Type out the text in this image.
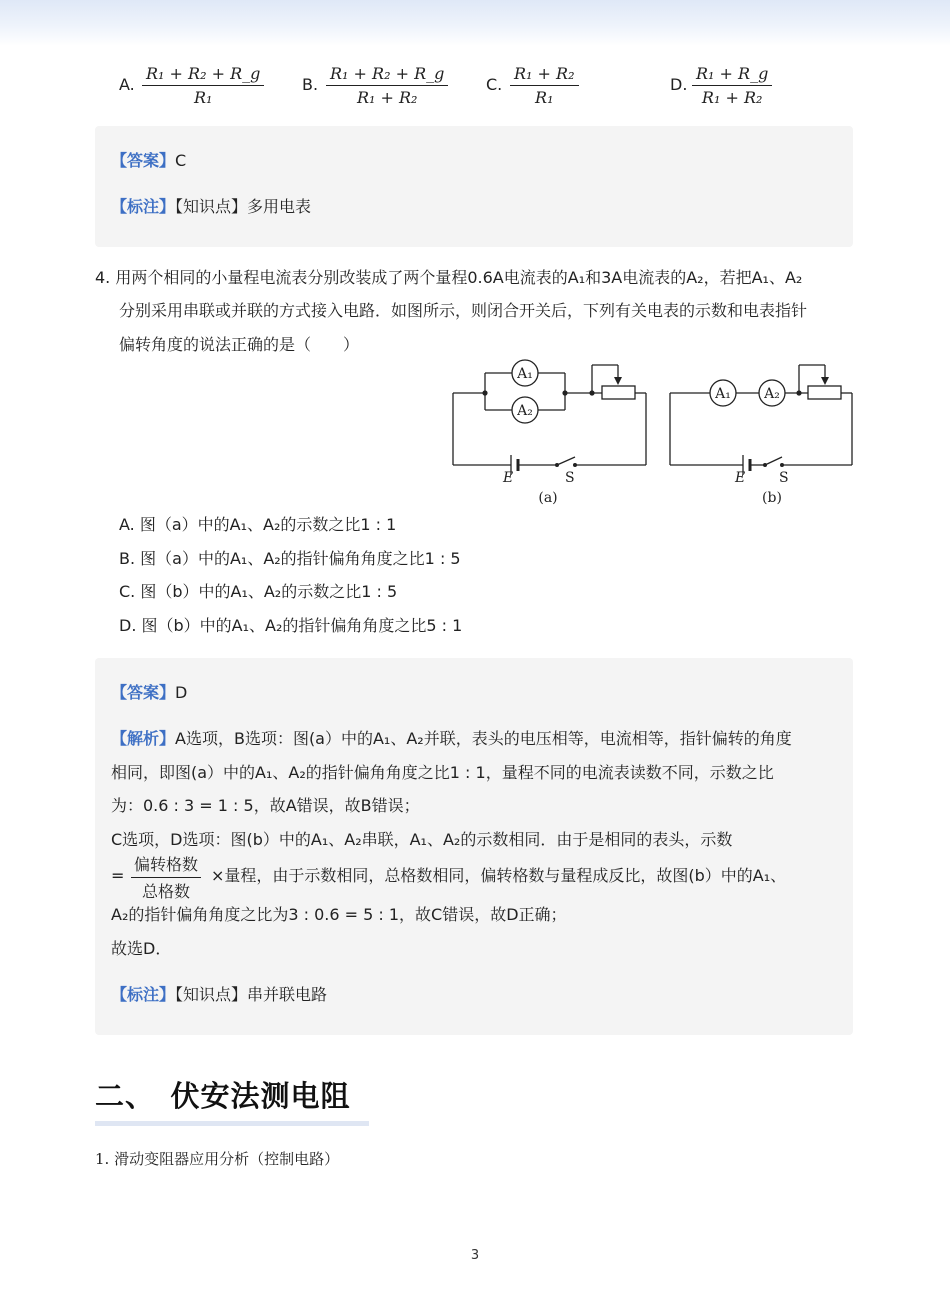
A. $\frac{\text{R₁ + R₂ + R\_g}}{\text{R₁}} B$. $\frac{\text{R₁ + R₂ + R\_g}}{\text{R₁ + R₂}} C$. $\frac{\text{R₁ + R₂}}{\text{R₁}}$	D. $\frac{\text{R₁ + R\_g}}{\text{R₁ + R₂}}$
【答案】C
【标注】【知识点】多用电表
4. 用两个相同的小量程电流表分别改装成了两个量程0.6A电流表的A₁和3A电流表的A₂，若把A₁、A₂
分别采用串联或并联的方式接入电路．如图所示，则闭合开关后，下列有关电表的示数和电表指针
偏转角度的说法正确的是（　　）
A₁
A₂
E	S
(a)
A₁ A₂
E S
(b)
A. 图（a）中的A₁、A₂的示数之比1 : 1
B. 图（a）中的A₁、A₂的指针偏角角度之比1 : 5
C. 图（b）中的A₁、A₂的示数之比1 : 5
D. 图（b）中的A₁、A₂的指针偏角角度之比5 : 1
【答案】D
【解析】A选项，B选项：图(a）中的A₁、A₂并联，表头的电压相等，电流相等，指针偏转的角度
相同，即图(a）中的A₁、A₂的指针偏角角度之比1 : 1，量程不同的电流表读数不同，示数之比
为：0.6 : 3 = 1 : 5，故A错误，故B错误；
C选项，D选项：图(b）中的A₁、A₂串联，A₁、A₂的示数相同．由于是相同的表头，示数
=
偏转格数
总格数
×量程，由于示数相同，总格数相同，偏转格数与量程成反比，故图(b）中的A₁、
A₂的指针偏角角度之比为3 : 0.6 = 5 : 1，故C错误，故D正确；
故选D．
【标注】【知识点】串并联电路
二、　伏安法测电阻
1. 滑动变阻器应用分析（控制电路）
3
